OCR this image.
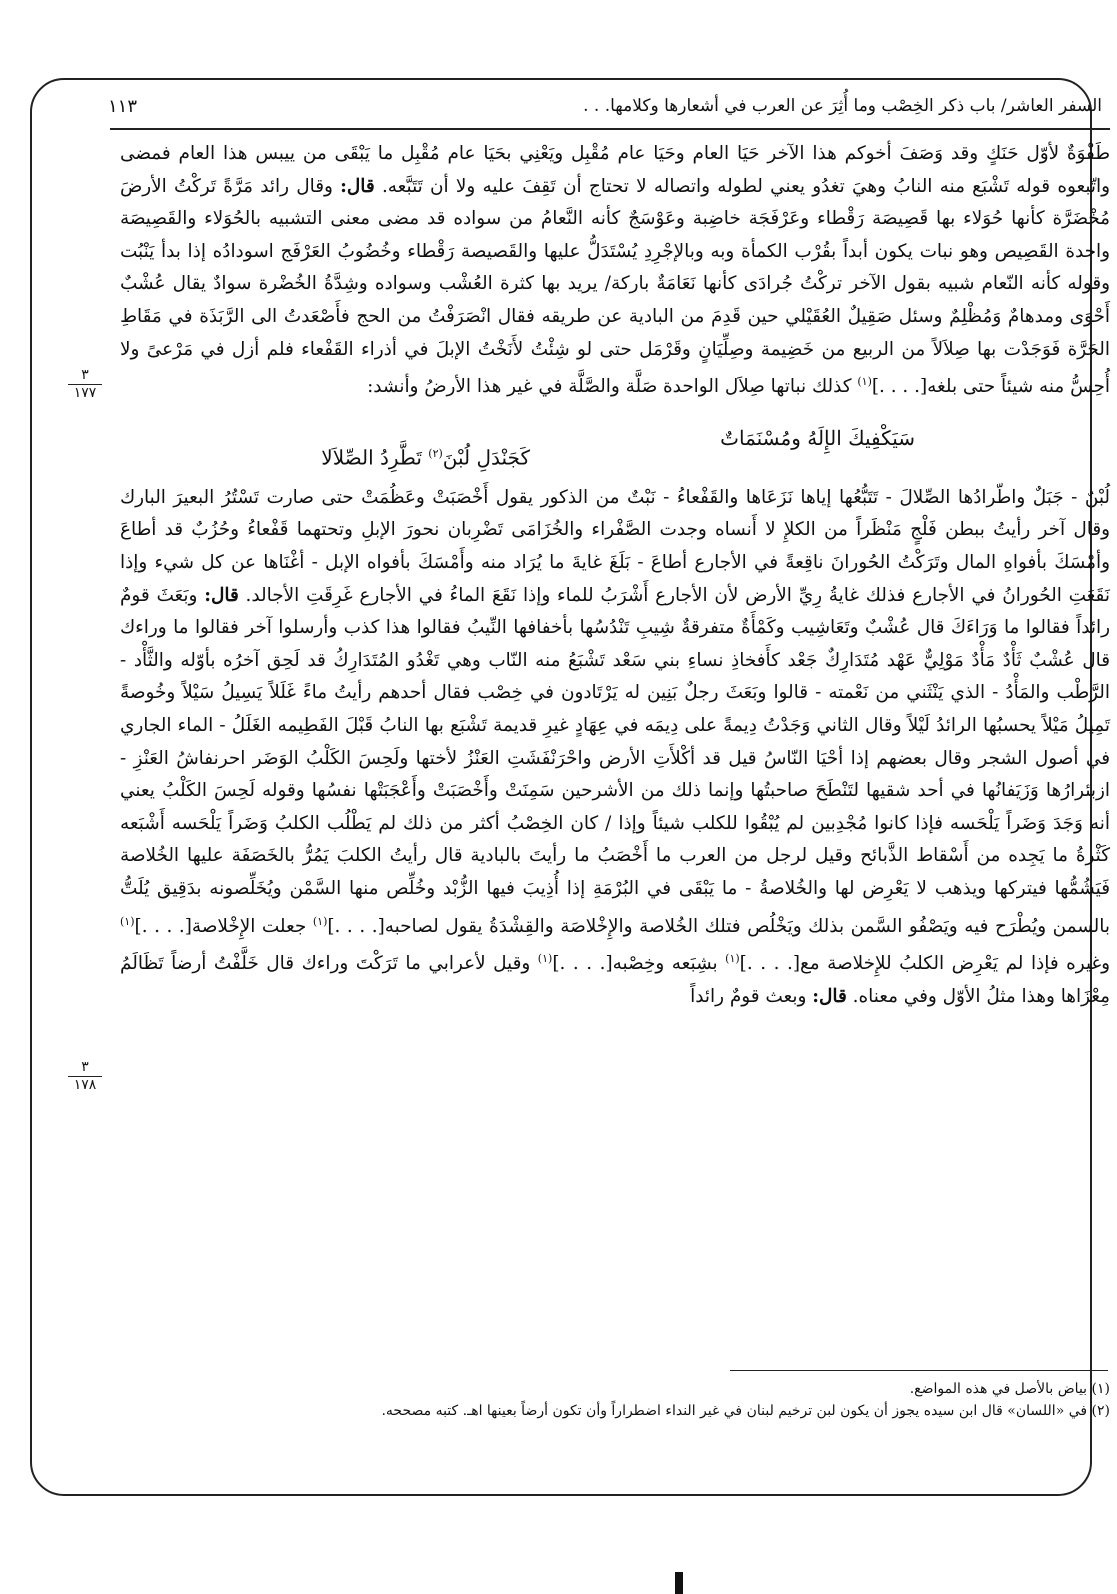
السفر العاشر/ باب ذكر الخِصْب وما أُثِرَ عن العرب في أشعارها وكلامها. . .
١١٣
٣
١٧٧
٣
١٧٨

طَفْوَةٌ لأوّل حَنَكٍ وقد وَصَفَ أخوكم هذا الآخر حَيَا العام وحَيَا عام مُقْبِل ويَعْنِي بحَيَا عام مُقْبِل ما يَبْقَى من ييبس هذا العام فمضى واتّبعوه قوله تَشْبَع منه النابُ وهيَ تغدُو يعني لطوله واتصاله لا تحتاج أن تَقِفَ عليه ولا أن تَتَبَّعه. قال: وقال رائد مَرَّةً تَركْتُ الأرضَ مُخْضَرَّة كأنها حُوَلاء بها قَصِيصَة رَقْطاء وعَرْفَجَة خاضِبة وعَوْسَجٌ كأنه النَّعامُ من سواده قد مضى معنى التشبيه بالحُوَلاء والقَصِيصَة واحدة القَصِيص وهو نبات يكون أبداً بقُرْب الكمأة وبه وبالإجْرِدِ يُسْتَدَلُّ عليها والقَصيصة رَقْطاء وخُضُوبُ العَرْفَج اسودادُه إذا بدأ يَنْبُت وقوله كأنه النّعام شبيه بقول الآخر تركْتُ جُرادَى كأنها نَعَامَةٌ باركة/ يريد بها كثرة العُشْب وسواده وشِدَّةُ الخُضْرة سوادٌ يقال عُشْبٌ أَحْوَى ومدهامٌ وَمُظْلِمٌ وسئل صَقِيلٌ العُقَيْلي حين قَدِمَ من البادية عن طريقه فقال انْصَرَفْتُ من الحج فأَصْعَدتُ الى الرَّبَذَة في مَقَاطِ الحَرَّة فَوَجَدْت بها صِلاَلاً من الربيع من خَضِيمة وصِلِّيَانٍ وقَرْمَل حتى لو شِئْتُ لأَنَخْتُ الإبلَ في أذراء القَفْعاء فلم أزل في مَرْعىً ولا أُحِسُّ منه شيئاً حتى بلغه[. . . .]$^{(١)}$ كذلك نباتها صِلاَل الواحدة صَلَّة والصَّلَّة في غير هذا الأرضُ وأنشد:

سَيَكْفِيكَ الإِلَهُ ومُسْنَمَاتٌ
كَجَنْدَلِ لُبْنَ$^{(٢)}$ تَطَّرِدُ الصِّلاَلا

لُبْنٌ - جَبَلٌ واطّرادُها الصِّلالَ - تَتَبُّعُها إياها نَزَعَاها والقَفْعاءُ - نَبْتٌ من الذكور يقول أَخْصَبَتْ وعَظُمَتْ حتى صارت تَسْتُرُ البعيرَ البارك وقال آخر رأيتُ ببطن فَلْجٍ مَنْظَراً من الكلإِ لا أَنساه وجدت الصَّفْراء والخُزَامَى تَضْرِبان نحورَ الإبلِ وتحتهما قَفْعاءُ وحُزُبٌ قد أطاعَ وأمْسَكَ بأفواهِ المال وتَرَكْتُ الحُورانَ ناقِعةً في الأجارع أطاعَ - بَلَغَ غايةَ ما يُرَاد منه وأَمْسَكَ بأفواه الإبل - أغْنَاها عن كل شيء وإذا نَقَعَتِ الحُورانُ في الأجارع فذلك غايةُ رِيِّ الأرض لأن الأجارع أَشْرَبُ للماء وإذا نَقَعَ الماءُ في الأجارع غَرِقَتِ الأجالد. قال: وبَعَثَ قومٌ رائداً فقالوا ما وَرَاءَكَ قال عُشْبٌ وتَعَاشِيب وكَمْأَةٌ متفرقةٌ شِيبِ تَنْدُسُها بأخفافها النِّيبُ فقالوا هذا كذب وأرسلوا آخر فقالوا ما وراءك قال عُشْبٌ ثَأْدٌ مَأْدٌ مَوْلِيٌّ عَهْد مُتَدَارِكٌ جَعْد كأَفخاذِ نساءِ بني سَعْد تَشْبَعُ منه النّاب وهي تَغْدُو المُتَدَارِكُ قد لَحِق آخرُه بأوّله والثَّأْد - الرَّطْب والمَأْدُ - الذي يَنْثَني من نَعْمته - قالوا وبَعَثَ رجلٌ بَنِين له يَرْتَادون في خِصْب فقال أحدهم رأيتُ ماءً غَلَلاً يَسِيلُ سَيْلاً وخُوصةً تَمِيلُ مَيْلاً يحسبُها الرائدُ لَيْلاً وقال الثاني وَجَدْتُ دِيمةً على دِيمَه في عِهَادٍ غيرِ قديمة تَشْبَع بها النابُ قَبْلَ الفَطِيمه الغَلَلُ - الماء الجاري في أصول الشجر وقال بعضهم إذا أحْيَا النّاسُ قيل قد أكْلأَتِ الأرض واحْرَنْفَشَتِ العَنْزُ لأختها ولَحِسَ الكَلْبُ الوَضَر احرنفاشُ العَنْزِ - ازبئرارُها وَزَيَفانُها في أحد شقيها لتَنْطَحَ صاحبتُها وإنما ذلك من الأشرحين سَمِنَتْ وأَخْصَبَتْ وأَعْجَبَتْها نفسُها وقوله لَحِسَ الكَلْبُ يعني أنه وَجَدَ وَضَراً يَلْحَسه فإذا كانوا مُجْدِبين لم يُبْقُوا للكلب شيئاً وإذا / كان الخِصْبُ أكثر من ذلك لم يَطْلُب الكلبُ وَضَراً يَلْحَسه أَشْبَعه كَثْرةُ ما يَجِده من أَسْقاط الذَّبائح وقيل لرجل من العرب ما أَخْصَبُ ما رأيتَ بالبادية قال رأيتُ الكلبَ يَمُرُّ بالخَصَفَة عليها الخُلاصة فَيَشُمُّها فيتركها ويذهب لا يَعْرِض لها والخُلاصةُ - ما يَبْقَى في البُرْمَةِ إذا أُذِيبَ فيها الزُّبْد وخُلِّص منها السَّمْن ويُخَلِّصونه بدَقِيق يُلَتُّ بالسمن ويُطْرَح فيه ويَصْفُو السَّمن بذلك ويَخْلُص فتلك الخُلاصة والإِخْلاصَة والقِشْدَةُ يقول لصاحبه[. . . .]$^{(١)}$ جعلت الإِخْلاصة[. . . .]$^{(١)}$ وغيره فإذا لم يَعْرِض الكلبُ للإِخلاصة مع[. . . .]$^{(١)}$ بشِبَعه وخِصْبه[. . . .]$^{(١)}$ وقيل لأعرابي ما تَرَكْتَ وراءك قال خَلَّفْتُ أرضاً تَظَالَمُ مِعْزَاها وهذا مثلُ الأوّل وفي معناه. قال: وبعث قومٌ رائداً

(١) بياض بالأصل في هذه المواضع.
(٢) في «اللسان» قال ابن سيده يجوز أن يكون لبن ترخيم لبنان في غير النداء اضطراراً وأن تكون أرضاً بعينها اهـ. كتبه مصححه.
